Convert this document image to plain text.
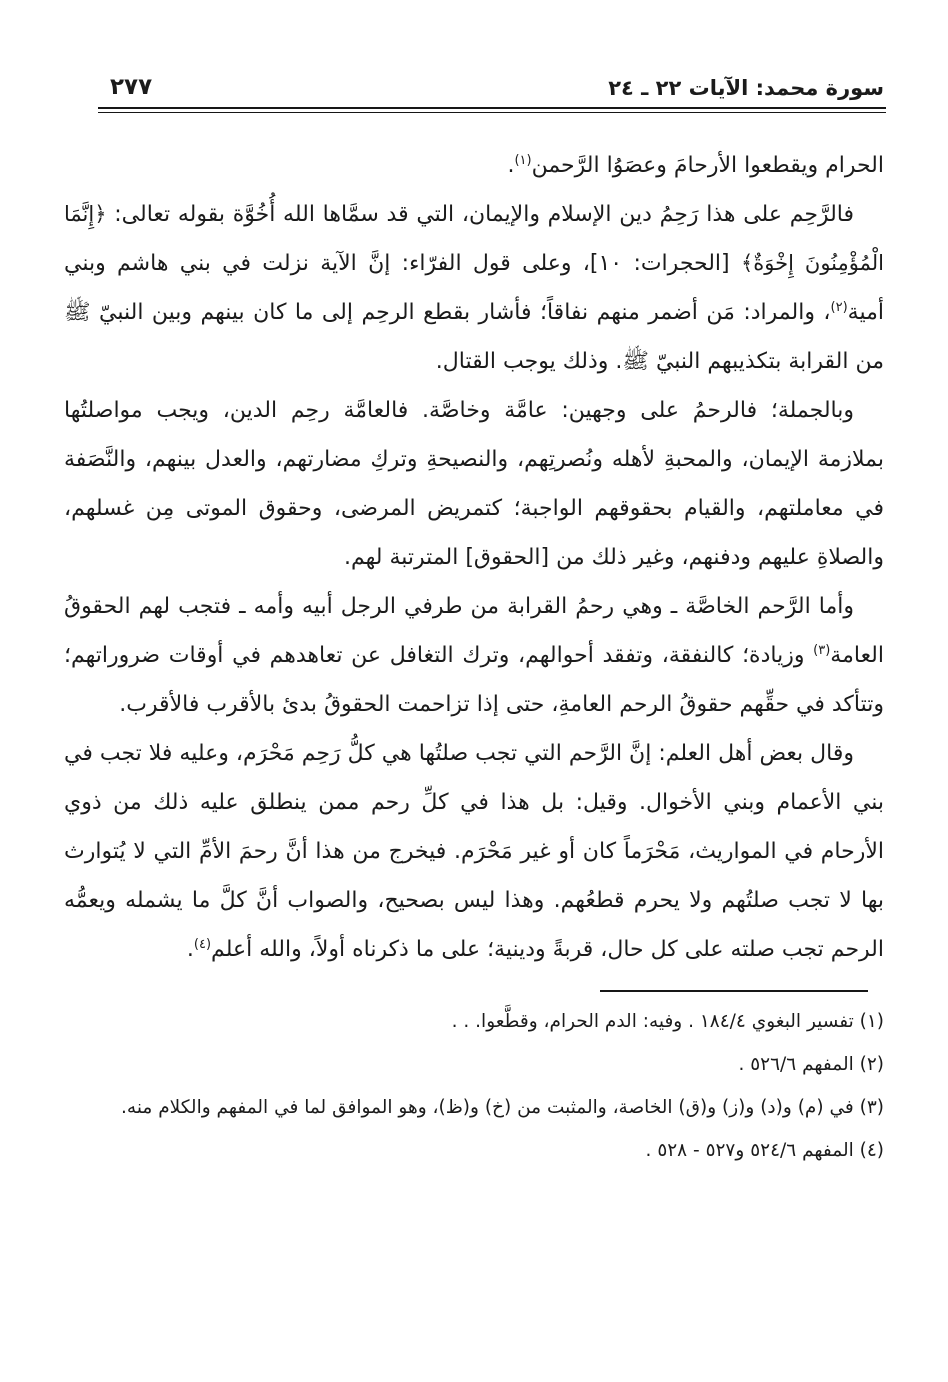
سورة محمد: الآيات ٢٢ ـ ٢٤
٢٧٧

الحرام ويقطعوا الأرحامَ وعصَوُا الرَّحمن$^{(١)}$.

فالرَّحِم على هذا رَحِمُ دين الإسلام والإيمان، التي قد سمَّاها الله أُخُوَّة بقوله تعالى: ﴿إِنَّمَا الْمُؤْمِنُونَ إِخْوَةٌ﴾ [الحجرات: ١٠]، وعلى قول الفرّاء: إنَّ الآية نزلت في بني هاشم وبني أمية$^{(٢)}$، والمراد: مَن أضمر منهم نفاقاً؛ فأشار بقطع الرحِم إلى ما كان بينهم وبين النبيّ ﷺ من القرابة بتكذيبهم النبيّ ﷺ. وذلك يوجب القتال.

وبالجملة؛ فالرحمُ على وجهين: عامَّة وخاصَّة. فالعامَّة رحِم الدين، ويجب مواصلتُها بملازمة الإيمان، والمحبةِ لأهله ونُصرتِهم، والنصيحةِ وتركِ مضارتهم، والعدل بينهم، والنَّصَفة في معاملتهم، والقيام بحقوقهم الواجبة؛ كتمريض المرضى، وحقوق الموتى مِن غسلهم، والصلاةِ عليهم ودفنهم، وغير ذلك من [الحقوق] المترتبة لهم.

وأما الرَّحم الخاصَّة ـ وهي رحمُ القرابة من طرفي الرجل أبيه وأمه ـ فتجب لهم الحقوقُ العامة$^{(٣)}$ وزيادة؛ كالنفقة، وتفقد أحوالهم، وترك التغافل عن تعاهدهم في أوقات ضروراتهم؛ وتتأكد في حقِّهم حقوقُ الرحم العامةِ، حتى إذا تزاحمت الحقوقُ بدئ بالأقرب فالأقرب.

وقال بعض أهل العلم: إنَّ الرَّحم التي تجب صلتُها هي كلُّ رَحِم مَحْرَم، وعليه فلا تجب في بني الأعمام وبني الأخوال. وقيل: بل هذا في كلِّ رحم ممن ينطلق عليه ذلك من ذوي الأرحام في المواريث، مَحْرَماً كان أو غير مَحْرَم. فيخرج من هذا أنَّ رحمَ الأمِّ التي لا يُتوارث بها لا تجب صلتُهم ولا يحرم قطعُهم. وهذا ليس بصحيح، والصواب أنَّ كلَّ ما يشمله ويعمُّه الرحم تجب صلته على كل حال، قربةً ودينية؛ على ما ذكرناه أولاً، والله أعلم$^{(٤)}$.

(١) تفسير البغوي ١٨٤/٤ . وفيه: الدم الحرام، وقطَّعوا. . .
(٢) المفهم ٥٢٦/٦ .
(٣) في (م) و(د) و(ز) و(ق) الخاصة، والمثبت من (خ) و(ظ)، وهو الموافق لما في المفهم والكلام منه.
(٤) المفهم ٥٢٤/٦ و٥٢٧ - ٥٢٨ .
